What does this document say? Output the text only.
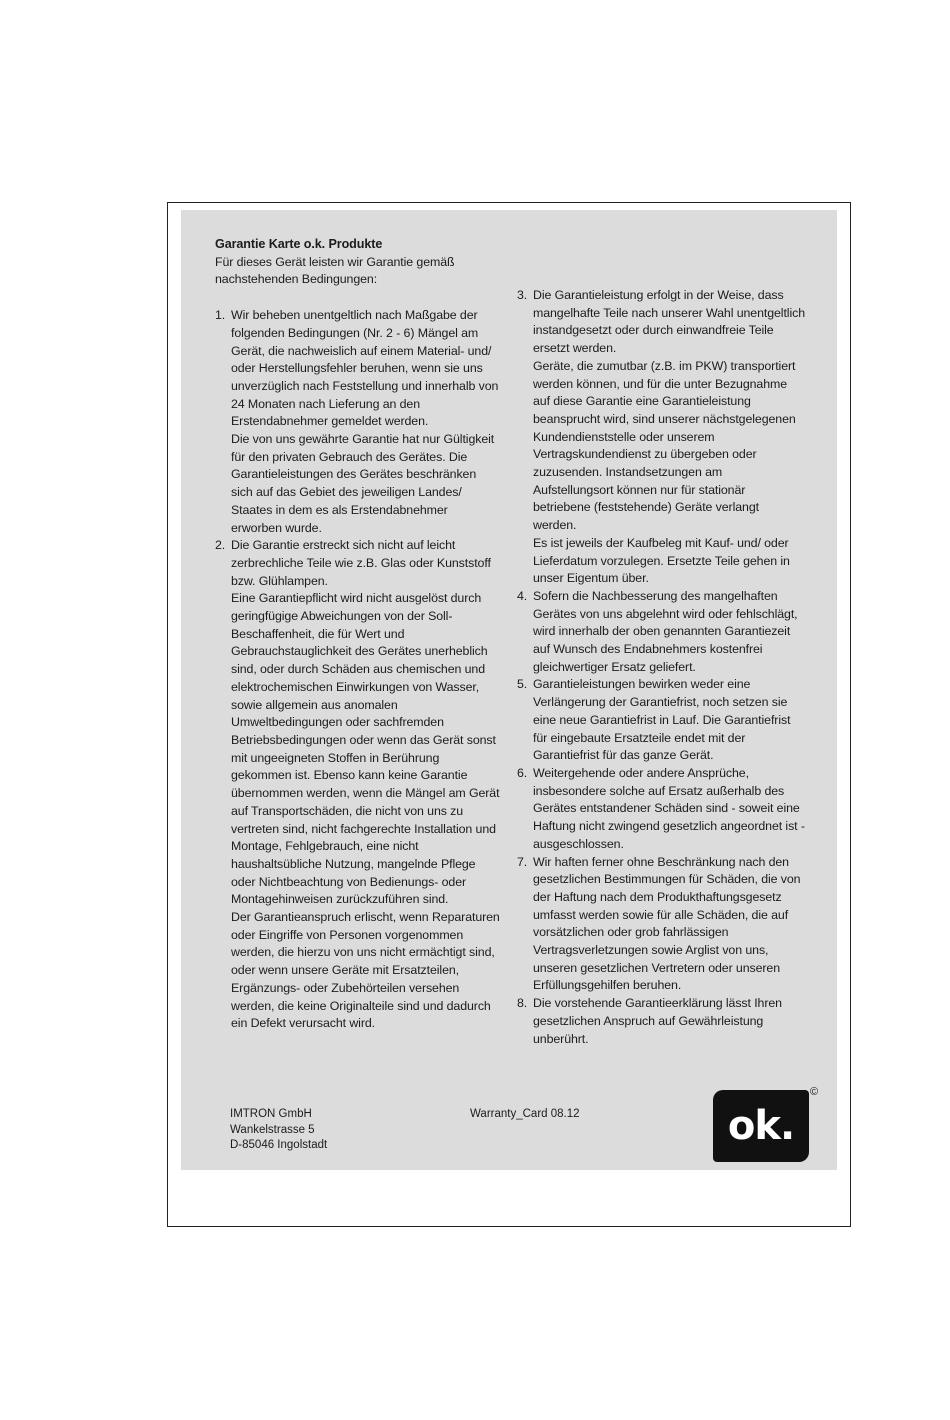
Garantie Karte o.k. Produkte

Für dieses Gerät leisten wir Garantie gemäß nachstehenden Bedingungen:

1. Wir beheben unentgeltlich nach Maßgabe der folgenden Bedingungen (Nr. 2 - 6) Mängel am Gerät, die nachweislich auf einem Material- und/ oder Herstellungsfehler beruhen, wenn sie uns unverzüglich nach Feststellung und innerhalb von 24 Monaten nach Lieferung an den Erstendabnehmer gemeldet werden.

Die von uns gewährte Garantie hat nur Gültigkeit für den privaten Gebrauch des Gerätes. Die Garantieleistungen des Gerätes beschränken sich auf das Gebiet des jeweiligen Landes/ Staates in dem es als Erstendabnehmer erworben wurde.

2. Die Garantie erstreckt sich nicht auf leicht zerbrechliche Teile wie z.B. Glas oder Kunststoff bzw. Glühlampen.

Eine Garantiepflicht wird nicht ausgelöst durch geringfügige Abweichungen von der Soll-Beschaffenheit, die für Wert und Gebrauchstauglichkeit des Gerätes unerheblich sind, oder durch Schäden aus chemischen und elektrochemischen Einwirkungen von Wasser, sowie allgemein aus anomalen Umweltbedingungen oder sachfremden Betriebsbedingungen oder wenn das Gerät sonst mit ungeeigneten Stoffen in Berührung gekommen ist. Ebenso kann keine Garantie übernommen werden, wenn die Mängel am Gerät auf Transportschäden, die nicht von uns zu vertreten sind, nicht fachgerechte Installation und Montage, Fehlgebrauch, eine nicht haushaltsübliche Nutzung, mangelnde Pflege oder Nichtbeachtung von Bedienungs- oder Montagehinweisen zurückzuführen sind.

Der Garantieanspruch erlischt, wenn Reparaturen oder Eingriffe von Personen vorgenommen werden, die hierzu von uns nicht ermächtigt sind, oder wenn unsere Geräte mit Ersatzteilen, Ergänzungs- oder Zubehörteilen versehen werden, die keine Originalteile sind und dadurch ein Defekt verursacht wird.

3. Die Garantieleistung erfolgt in der Weise, dass mangelhafte Teile nach unserer Wahl unentgeltlich instandgesetzt oder durch einwandfreie Teile ersetzt werden.

Geräte, die zumutbar (z.B. im PKW) transportiert werden können, und für die unter Bezugnahme auf diese Garantie eine Garantieleistung beansprucht wird, sind unserer nächstgelegenen Kundendienststelle oder unserem Vertragskundendienst zu übergeben oder zuzusenden. Instandsetzungen am Aufstellungsort können nur für stationär betriebene (feststehende) Geräte verlangt werden.

Es ist jeweils der Kaufbeleg mit Kauf- und/ oder Lieferdatum vorzulegen. Ersetzte Teile gehen in unser Eigentum über.

4. Sofern die Nachbesserung des mangelhaften Gerätes von uns abgelehnt wird oder fehlschlägt, wird innerhalb der oben genannten Garantiezeit auf Wunsch des Endabnehmers kostenfrei gleichwertiger Ersatz geliefert.

5. Garantieleistungen bewirken weder eine Verlängerung der Garantiefrist, noch setzen sie eine neue Garantiefrist in Lauf. Die Garantiefrist für eingebaute Ersatzteile endet mit der Garantiefrist für das ganze Gerät.

6. Weitergehende oder andere Ansprüche, insbesondere solche auf Ersatz außerhalb des Gerätes entstandener Schäden sind - soweit eine Haftung nicht zwingend gesetzlich angeordnet ist - ausgeschlossen.

7. Wir haften ferner ohne Beschränkung nach den gesetzlichen Bestimmungen für Schäden, die von der Haftung nach dem Produkthaftungsgesetz umfasst werden sowie für alle Schäden, die auf vorsätzlichen oder grob fahrlässigen Vertragsverletzungen sowie Arglist von uns, unseren gesetzlichen Vertretern oder unseren Erfüllungsgehilfen beruhen.

8. Die vorstehende Garantieerklärung lässt Ihren gesetzlichen Anspruch auf Gewährleistung unberührt.

IMTRON GmbH
Wankelstrasse 5
D-85046 Ingolstadt
Warranty_Card 08.12	ok.
©
